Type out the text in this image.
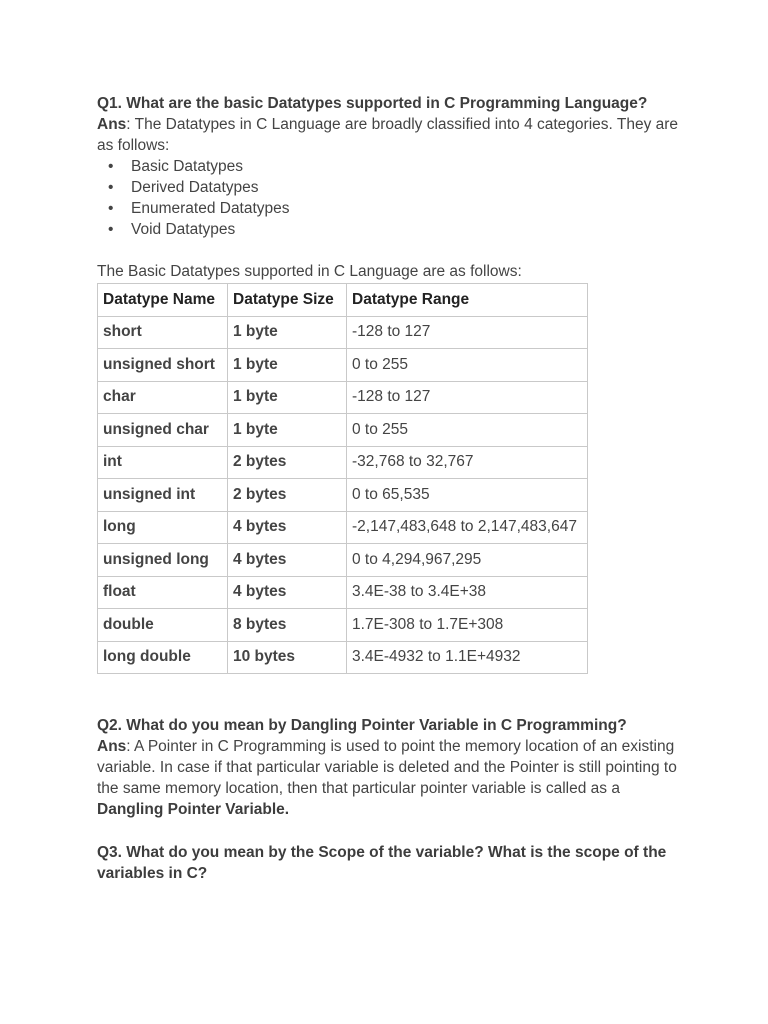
Q1. What are the basic Datatypes supported in C Programming Language?

Ans: The Datatypes in C Language are broadly classified into 4 categories. They are as follows:

• Basic Datatypes
• Derived Datatypes
• Enumerated Datatypes
• Void Datatypes

The Basic Datatypes supported in C Language are as follows:

Datatype Name	Datatype Size	Datatype Range
short	1 byte	-128 to 127
unsigned short	1 byte	0 to 255
char	1 byte	-128 to 127
unsigned char	1 byte	0 to 255
int	2 bytes	-32,768 to 32,767
unsigned int	2 bytes	0 to 65,535
long	4 bytes	-2,147,483,648 to 2,147,483,647
unsigned long	4 bytes	0 to 4,294,967,295
float	4 bytes	3.4E-38 to 3.4E+38
double	8 bytes	1.7E-308 to 1.7E+308
long double	10 bytes	3.4E-4932 to 1.1E+4932

Q2. What do you mean by Dangling Pointer Variable in C Programming?

Ans: A Pointer in C Programming is used to point the memory location of an existing variable. In case if that particular variable is deleted and the Pointer is still pointing to the same memory location, then that particular pointer variable is called as a Dangling Pointer Variable.

Q3. What do you mean by the Scope of the variable? What is the scope of the variables in C?
